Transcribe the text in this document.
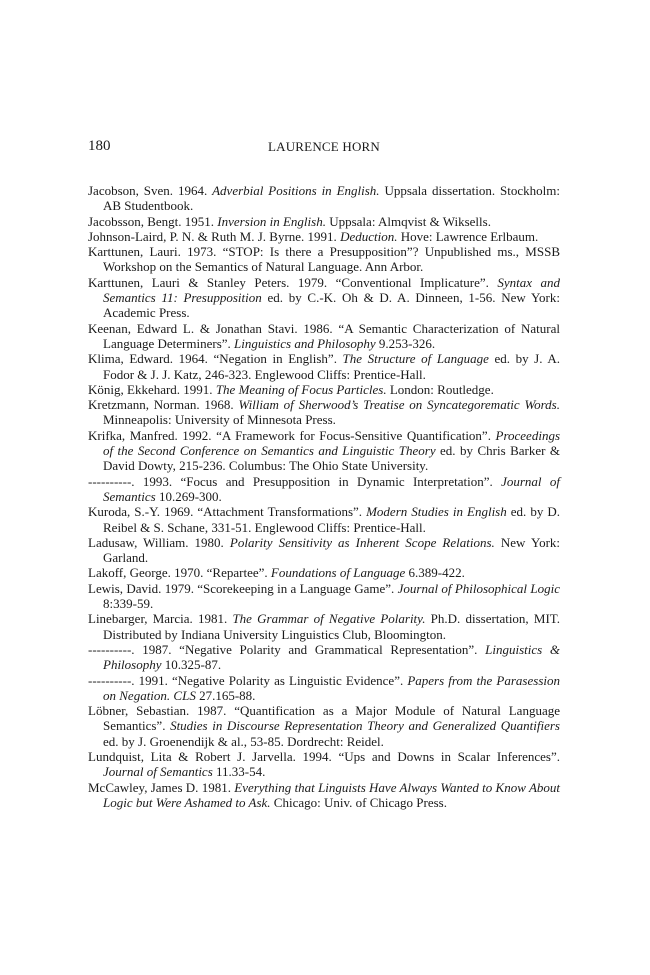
180	LAURENCE HORN
Jacobson, Sven. 1964. Adverbial Positions in English. Uppsala dissertation. Stockholm: AB Studentbook.
Jacobsson, Bengt. 1951. Inversion in English. Uppsala: Almqvist & Wiksells.
Johnson-Laird, P. N. & Ruth M. J. Byrne. 1991. Deduction. Hove: Lawrence Erlbaum.
Karttunen, Lauri. 1973. “STOP: Is there a Presupposition”? Unpublished ms., MSSB Workshop on the Semantics of Natural Language. Ann Arbor.
Karttunen, Lauri & Stanley Peters. 1979. “Conventional Implicature”. Syntax and Semantics 11: Presupposition ed. by C.-K. Oh & D. A. Dinneen, 1-56. New York: Academic Press.
Keenan, Edward L. & Jonathan Stavi. 1986. “A Semantic Characterization of Natural Language Determiners”. Linguistics and Philosophy 9.253-326.
Klima, Edward. 1964. “Negation in English”. The Structure of Language ed. by J. A. Fodor & J. J. Katz, 246-323. Englewood Cliffs: Prentice-Hall.
König, Ekkehard. 1991. The Meaning of Focus Particles. London: Routledge.
Kretzmann, Norman. 1968. William of Sherwood’s Treatise on Syncategorematic Words. Minneapolis: University of Minnesota Press.
Krifka, Manfred. 1992. “A Framework for Focus-Sensitive Quantification”. Proceedings of the Second Conference on Semantics and Linguistic Theory ed. by Chris Barker & David Dowty, 215-236. Columbus: The Ohio State University.
----------. 1993. “Focus and Presupposition in Dynamic Interpretation”. Journal of Semantics 10.269-300.
Kuroda, S.-Y. 1969. “Attachment Transformations”. Modern Studies in English ed. by D. Reibel & S. Schane, 331-51. Englewood Cliffs: Prentice-Hall.
Ladusaw, William. 1980. Polarity Sensitivity as Inherent Scope Relations. New York: Garland.
Lakoff, George. 1970. “Repartee”. Foundations of Language 6.389-422.
Lewis, David. 1979. “Scorekeeping in a Language Game”. Journal of Philosophical Logic 8:339-59.
Linebarger, Marcia. 1981. The Grammar of Negative Polarity. Ph.D. dissertation, MIT. Distributed by Indiana University Linguistics Club, Bloomington.
----------. 1987. “Negative Polarity and Grammatical Representation”. Linguistics & Philosophy 10.325-87.
----------. 1991. “Negative Polarity as Linguistic Evidence”. Papers from the Parasession on Negation. CLS 27.165-88.
Löbner, Sebastian. 1987. “Quantification as a Major Module of Natural Language Semantics”. Studies in Discourse Representation Theory and Generalized Quantifiers ed. by J. Groenendijk & al., 53-85. Dordrecht: Reidel.
Lundquist, Lita & Robert J. Jarvella. 1994. “Ups and Downs in Scalar Inferences”. Journal of Semantics 11.33-54.
McCawley, James D. 1981. Everything that Linguists Have Always Wanted to Know About Logic but Were Ashamed to Ask. Chicago: Univ. of Chicago Press.
